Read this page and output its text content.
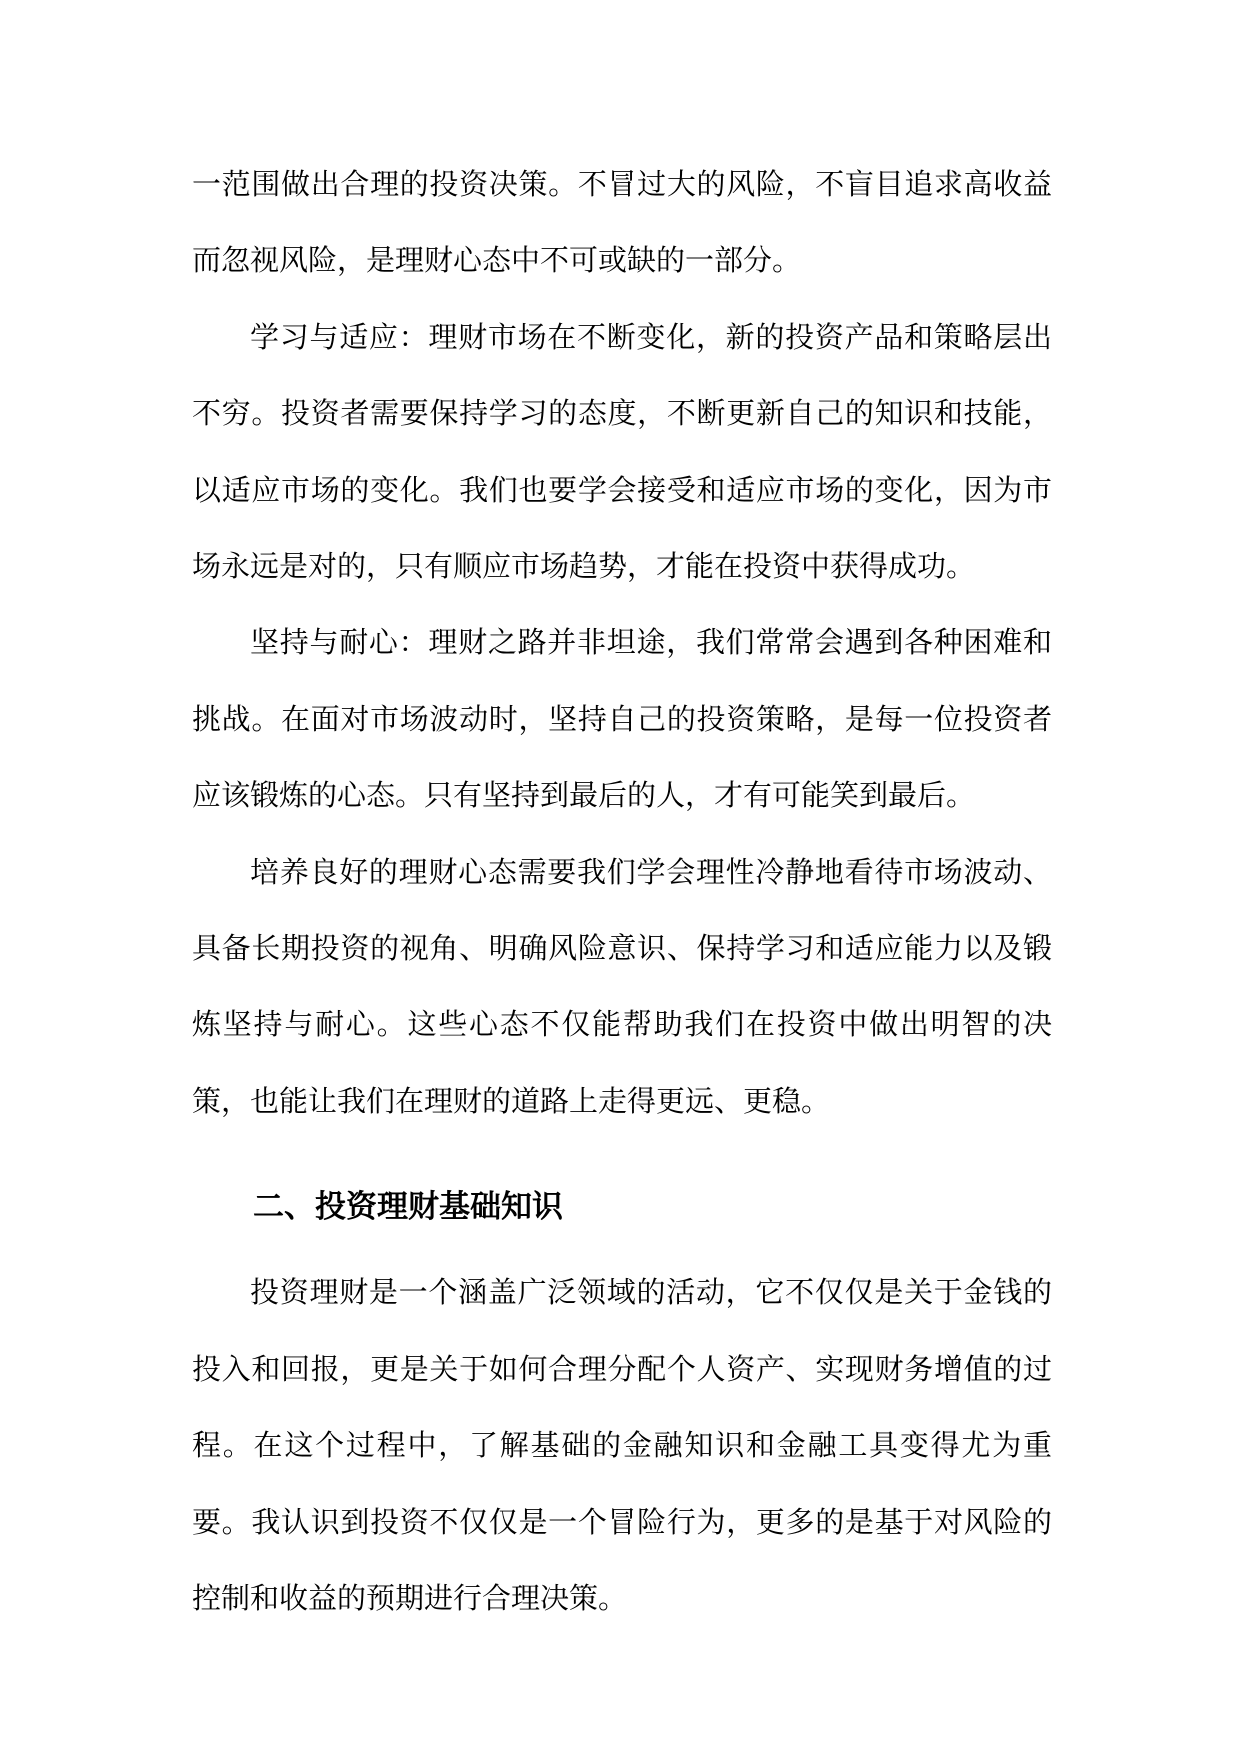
一范围做出合理的投资决策。不冒过大的风险，不盲目追求高收益而忽视风险，是理财心态中不可或缺的一部分。

学习与适应：理财市场在不断变化，新的投资产品和策略层出不穷。投资者需要保持学习的态度，不断更新自己的知识和技能，以适应市场的变化。我们也要学会接受和适应市场的变化，因为市场永远是对的，只有顺应市场趋势，才能在投资中获得成功。

坚持与耐心：理财之路并非坦途，我们常常会遇到各种困难和挑战。在面对市场波动时，坚持自己的投资策略，是每一位投资者应该锻炼的心态。只有坚持到最后的人，才有可能笑到最后。

培养良好的理财心态需要我们学会理性冷静地看待市场波动、具备长期投资的视角、明确风险意识、保持学习和适应能力以及锻炼坚持与耐心。这些心态不仅能帮助我们在投资中做出明智的决策，也能让我们在理财的道路上走得更远、更稳。

二、投资理财基础知识

投资理财是一个涵盖广泛领域的活动，它不仅仅是关于金钱的投入和回报，更是关于如何合理分配个人资产、实现财务增值的过程。在这个过程中，了解基础的金融知识和金融工具变得尤为重要。我认识到投资不仅仅是一个冒险行为，更多的是基于对风险的控制和收益的预期进行合理决策。
